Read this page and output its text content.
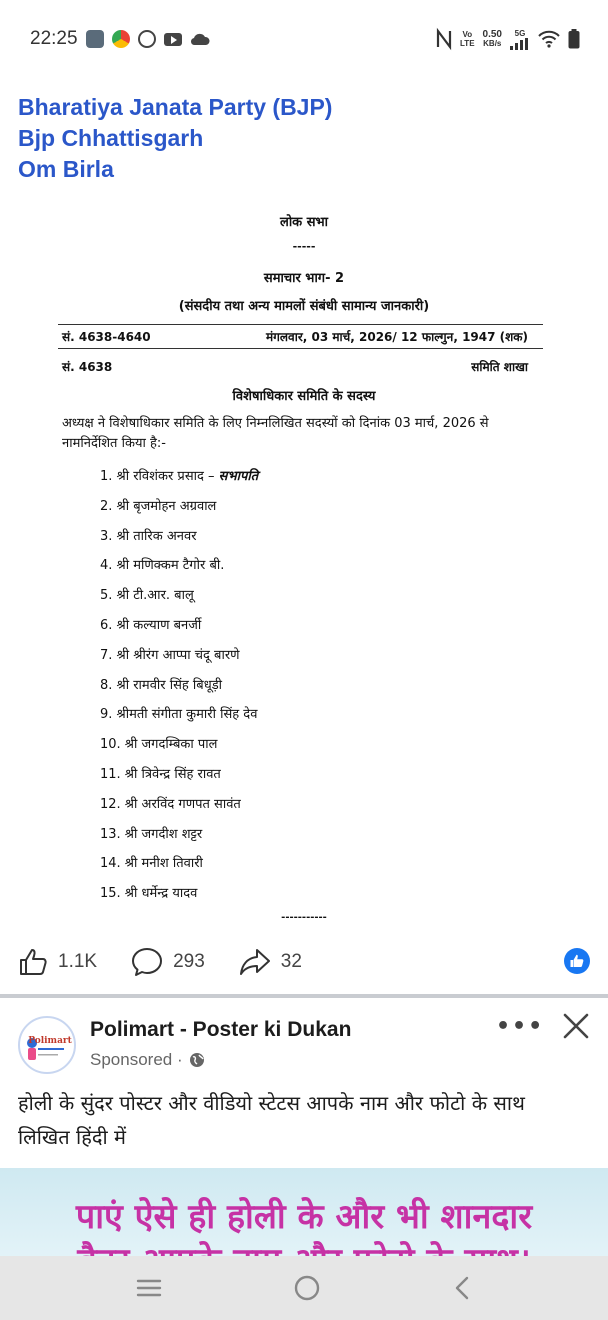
22:25	Vo
LTE
0.50
KB/s
5G
Bharatiya Janata Party (BJP)
Bjp Chhattisgarh
Om Birla
लोक सभा
-----
समाचार भाग- 2
(संसदीय तथा अन्य मामलों संबंधी सामान्य जानकारी)
सं. 4638-4640	मंगलवार, 03 मार्च, 2026/ 12 फाल्गुन, 1947 (शक)
सं. 4638	समिति शाखा
विशेषाधिकार समिति के सदस्य
अध्यक्ष ने विशेषाधिकार समिति के लिए निम्नलिखित सदस्यों को दिनांक 03 मार्च, 2026 से नामनिर्देशित किया है:-
1. श्री रविशंकर प्रसाद – सभापति
2. श्री बृजमोहन अग्रवाल
3. श्री तारिक अनवर
4. श्री मणिक्कम टैगोर बी.
5. श्री टी.आर. बालू
6. श्री कल्याण बनर्जी
7. श्री श्रीरंग आप्पा चंदू बारणे
8. श्री रामवीर सिंह बिधूड़ी
9. श्रीमती संगीता कुमारी सिंह देव
10. श्री जगदम्बिका पाल
11. श्री त्रिवेन्द्र सिंह रावत
12. श्री अरविंद गणपत सावंत
13. श्री जगदीश शट्टर
14. श्री मनीश तिवारी
15. श्री धर्मेन्द्र यादव
-----------
1.1K	293	32
Polimart Polimart - Poster ki Dukan
Sponsored ·
•••
होली के सुंदर पोस्टर और वीडियो स्टेटस आपके नाम और फोटो के साथ लिखित हिंदी में
पाएं ऐसे ही होली के और भी शानदार
